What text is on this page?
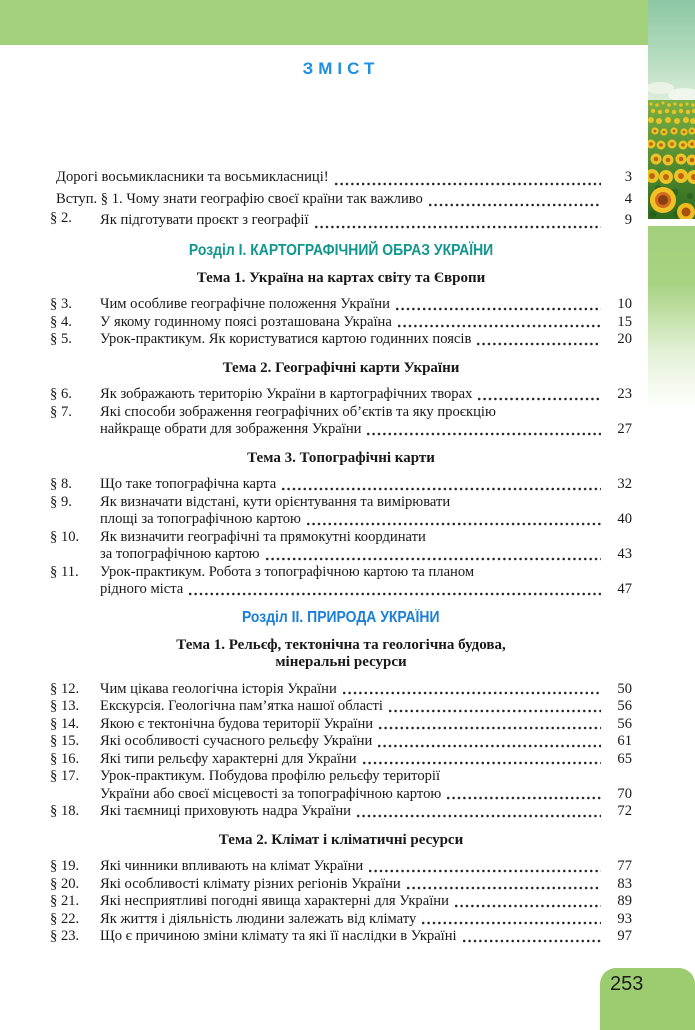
253
ЗМІСТ
Дорогі восьмикласники та восьмикласниці!	3
Вступ. § 1. Чому знати географію своєї країни так важливо	4
§ 2.	Як підготувати проєкт з географії	9
Розділ І. КАРТОГРАФІЧНИЙ ОБРАЗ УКРАЇНИ
Тема 1. Україна на картах світу та Європи
§ 3.	Чим особливе географічне положення України	10
§ 4.	У якому годинному поясі розташована Україна	15
§ 5.	Урок-практикум. Як користуватися картою годинних поясів	20
Тема 2. Географічні карти України
§ 6.	Як зображають територію України в картографічних творах	23
§ 7.	Які способи зображення географічних об’єктів та яку проєкцію
найкраще обрати для зображення України	27
Тема 3. Топографічні карти
§ 8.	Що таке топографічна карта	32
§ 9.	Як визначати відстані, кути орієнтування та вимірювати
площі за топографічною картою	40
§ 10.	Як визначити географічні та прямокутні координати
за топографічною картою	43
§ 11.	Урок-практикум. Робота з топографічною картою та планом
рідного міста	47
Розділ ІІ. ПРИРОДА УКРАЇНИ
Тема 1. Рельєф, тектонічна та геологічна будова,
мінеральні ресурси
§ 12.	Чим цікава геологічна історія України	50
§ 13.	Екскурсія. Геологічна пам’ятка нашої області	56
§ 14.	Якою є тектонічна будова території України	56
§ 15.	Які особливості сучасного рельєфу України	61
§ 16.	Які типи рельєфу характерні для України	65
§ 17.	Урок-практикум. Побудова профілю рельєфу території
України або своєї місцевості за топографічною картою	70
§ 18.	Які таємниці приховують надра України	72
Тема 2. Клімат і кліматичні ресурси
§ 19.	Які чинники впливають на клімат України	77
§ 20.	Які особливості клімату різних регіонів України	83
§ 21.	Які несприятливі погодні явища характерні для України	89
§ 22.	Як життя і діяльність людини залежать від клімату	93
§ 23.	Що є причиною зміни клімату та які її наслідки в Україні	97
